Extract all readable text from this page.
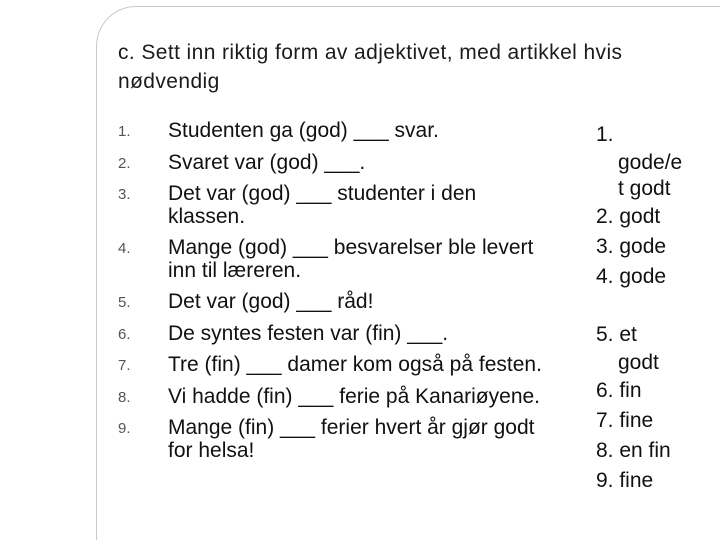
c. Sett inn riktig form av adjektivet, med artikkel hvis nødvendig
1. Studenten ga (god) ___ svar.
2. Svaret var (god) ___.
3. Det var (god) ___ studenter i den klassen.
4. Mange (god) ___ besvarelser ble levert inn til læreren.
5. Det var (god) ___ råd!
6. De syntes festen var (fin) ___.
7. Tre (fin) ___ damer kom også på festen.
8. Vi hadde (fin) ___ ferie på Kanariøyene.
9. Mange (fin) ___ ferier hvert år gjør godt for helsa!
1.
gode/e
t godt
2. godt
3. gode
4. gode
5. et
godt
6. fin
7. fine
8. en fin
9. fine
